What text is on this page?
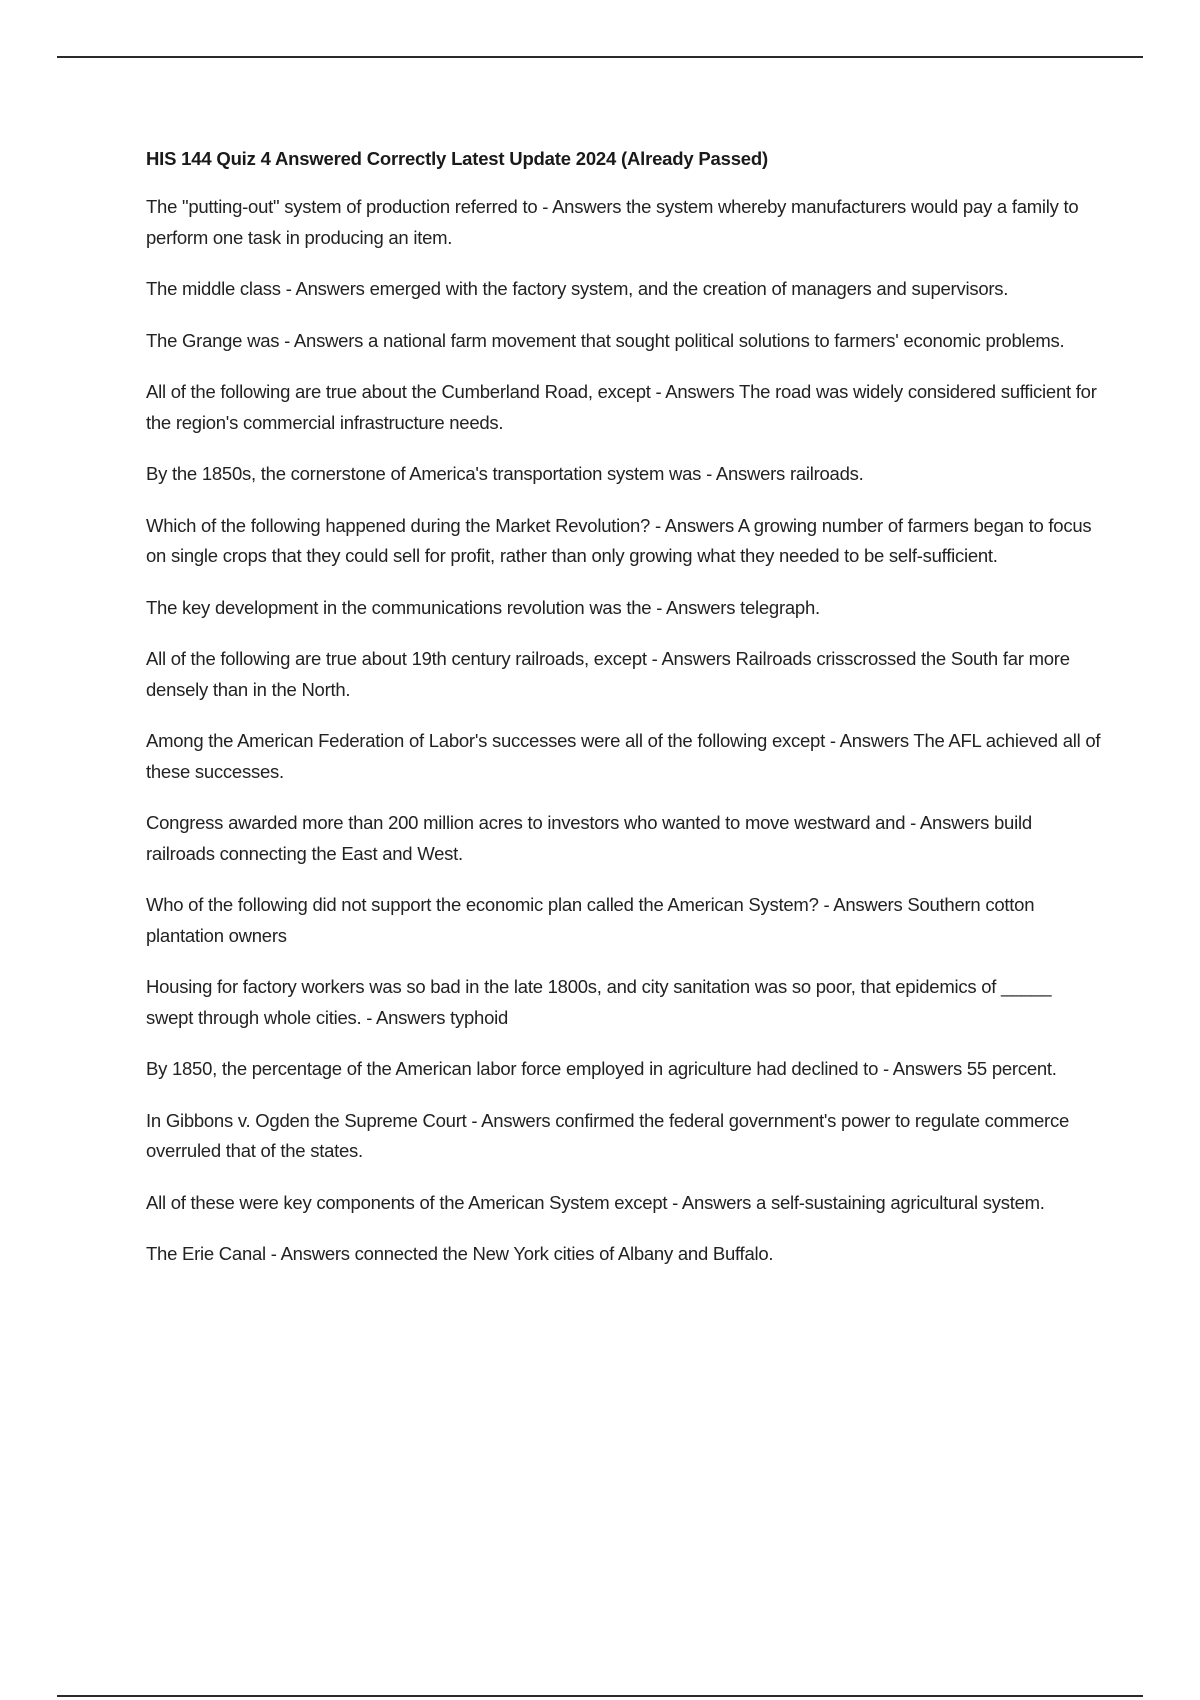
HIS 144 Quiz 4 Answered Correctly Latest Update 2024 (Already Passed)
The "putting-out" system of production referred to - Answers the system whereby manufacturers would pay a family to perform one task in producing an item.
The middle class - Answers emerged with the factory system, and the creation of managers and supervisors.
The Grange was - Answers a national farm movement that sought political solutions to farmers' economic problems.
All of the following are true about the Cumberland Road, except - Answers The road was widely considered sufficient for the region's commercial infrastructure needs.
By the 1850s, the cornerstone of America's transportation system was - Answers railroads.
Which of the following happened during the Market Revolution? - Answers A growing number of farmers began to focus on single crops that they could sell for profit, rather than only growing what they needed to be self-sufficient.
The key development in the communications revolution was the - Answers telegraph.
All of the following are true about 19th century railroads, except - Answers Railroads crisscrossed the South far more densely than in the North.
Among the American Federation of Labor's successes were all of the following except - Answers The AFL achieved all of these successes.
Congress awarded more than 200 million acres to investors who wanted to move westward and - Answers build railroads connecting the East and West.
Who of the following did not support the economic plan called the American System? - Answers Southern cotton plantation owners
Housing for factory workers was so bad in the late 1800s, and city sanitation was so poor, that epidemics of _____ swept through whole cities. - Answers typhoid
By 1850, the percentage of the American labor force employed in agriculture had declined to - Answers 55 percent.
In Gibbons v. Ogden the Supreme Court - Answers confirmed the federal government's power to regulate commerce overruled that of the states.
All of these were key components of the American System except - Answers a self-sustaining agricultural system.
The Erie Canal - Answers connected the New York cities of Albany and Buffalo.
